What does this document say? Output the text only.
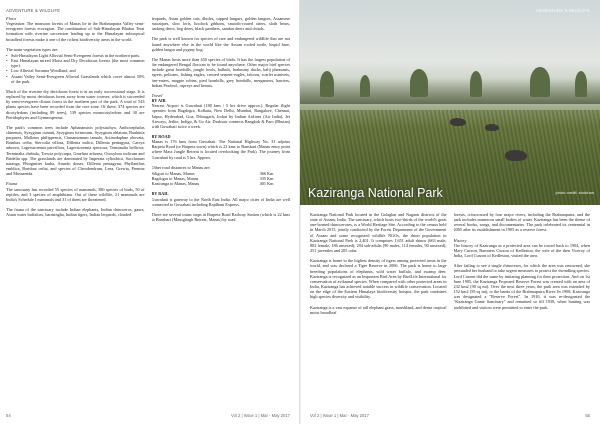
ADVENTURE & WILDLIFE
Flora

Vegetation: The monsoon forests of Manas lie in the Brahmaputra Valley semi-evergreen forests ecoregion. The combination of Sub-Himalayan Bhabar Terai formation with riverine succession leading up to the Himalayan subtropical broadleaf forests make it one of the richest biodiversity areas in the world.

The main vegetation types are:

• Sub-Himalayan Light Alluvial Semi-Evergreen forests in the northern parts.
• East Himalayan mixed Moist and Dry Deciduous forests (the most common type).
• Low Alluvial Savanna Woodland, and
• Assam Valley Semi-Evergreen Alluvial Grasslands which cover almost 50% of the park.

Much of the riverine dry deciduous forest is at an early successional stage. It is replaced by moist deciduous forest away from water courses, which is succeeded by semi-evergreen climax forest in the northern part of the park. A total of 543 plants species have been recorded from the core zone. Of these, 374 species are dicotyledons (including 89 trees), 139 species monocotyledons and 30 are Pteridophytes and Gymnosperms.

The park's common trees include Aphanamixis polystachya, Anthocephalus chinensis, Syzygium cumini, Syzygium formosum, Syzygium oblatum, Bauhinia purpurea, Mallotus philippensis, Cinnamomum tamala, Actinodaphne obovata, Bombax ceiba, Sterculia villosa, Dillenia indica, Dillenia pentagyna, Careya arborea, Lagerstroemia parviflora, Lagerstroemia speciosa, Terminalia bellirica, Terminalia chebula, Trewia polycarpa, Gmelina arborea, Oroxylum indicum and Bridelia spp. The grasslands are dominated by Imperata cylindrica, Saccharum naranga, Phragmites karka, Arundo donax, Dillenia pentagyna, Phyllanthus emblica, Bombax ceiba, and species of Clerodendrum, Leea, Grewia, Premna and Mussaenda.

Fauna

The sanctuary has recorded 55 species of mammals, 380 species of birds, 50 of reptiles, and 3 species of amphibians. Out of these wildlife, 21 mammals are India's Schedule I mammals and 31 of them are threatened.

The fauna of the sanctuary include Indian elephants, Indian rhinoceros, gaurs, Asian water buffaloes, barasingha, Indian tigers, Indian leopards, clouded

leopards, Asian golden cats, dholes, capped langurs, golden langurs, Assamese macaques, slow loris, hoolock gibbons, smooth-coated otters, sloth bears, barking deers, hog deers, black panthers, sambar deers and chitals.

The park is well known for species of rare and endangered wildlife that are not found anywhere else in the world like the Assam roofed turtle, hispid hare, golden langur and pygmy hog.

The Manas hosts more than 450 species of birds. It has the largest population of the endangered Bengal florican to be found anywhere. Other major bird species include great hornbills, jungle fowls, bulbuls, brahminy ducks, kalij pheasants, egrets, pelicans, fishing eagles, crested serpent-eagles, falcons, scarlet minivets, bee-eaters, magpie robins, pied hornbills, grey hornbills, mergansers, harriers, Indian Peafowl, ospreys and herons.

Travel
BY AIR

Nearest Airport is Guwahati (180 kms / 5 hrs drive approx.). Regular flight operates from Bagdogra, Kolkata, New Delhi, Mumbai, Bangalore, Chennai, Jaipur, Hyderabad, Goa, Dibrugarh, Jorhat by Indian Airlines (Air India), Jet Airways, Jetlite, Indigo, & Go Air. Druksair connects Bangkok & Paro (Bhutan) with Guwahati twice a week.

BY ROAD

Manas is 176 kms from Guwahati. The National Highway No. 31 adjoins Barpeta Road (or Barpeta town) which is 22 kms to Bansbari (Manas entry point where Mass Jungle Retreat is located overlooking the Park). The journey from Guwahati by road is 5 hrs. Approx.

Other road distances to Manas are:

Siliguri to Manas, Manas	366 Km
Bagdogra to Manas, Manas	335 Km
Kaziranga to Manas, Manas	401 Km
BY RAIL

Guwahati is gateway to the North East India. All major cities of India are well connected to Guwahati including Rajdhani Express.

There are several trains stops at Barpeta Road Railway Station (which is 22 kms to Bansbari (Mausghagh Retreat, Manas) by road.

54	Vol 2 | Issue 1 | Mar - May 2017
ADVENTURE & WILDLIFE
Kaziranga National Park	photo credit: shubhan

Kaziranga National Park located in the Golaghat and Nagaon districts of the state of Assam, India. The sanctuary, which hosts two-thirds of the world's great one-horned rhinoceroses, is a World Heritage Site. According to the census held in March 2015, jointly conducted by the Forest Department of the Government of Assam and some recognized wildlife NGOs, the rhino population in Kaziranga National Park is 2,401. It comprises 1,651 adult rhinos (663 male, 802 female, 186 unsexed); 294 sub-adults (90 males, 114 females, 90 unsexed); 251 juveniles and 205 cubs.

Kaziranga is home to the highest density of tigers among protected areas in the world, and was declared a Tiger Reserve in 2006. The park is home to large breeding populations of elephants, wild water buffalo, and swamp deer. Kaziranga is recognized as an Important Bird Area by BirdLife International for conservation of avifaunal species. When compared with other protected areas in India, Kaziranga has achieved notable success in wildlife conservation. Located on the edge of the Eastern Himalaya biodiversity hotspot, the park combines high species diversity and visibility.

Kaziranga is a vast expanse of tall elephant grass, marshland, and dense tropical moist broadleaf

forests, crisscrossed by four major rivers, including the Brahmaputra, and the park includes numerous small bodies of water. Kaziranga has been the theme of several books, songs, and documentaries. The park celebrated its centennial in 2005 after its establishment in 1905 as a reserve forest.

History

The history of Kaziranga as a protected area can be traced back to 1904, when Mary Curzon, Baroness Curzon of Kedleston, the wife of the then Viceroy of India, Lord Curzon of Kedleston, visited the area.

After failing to see a single rhinoceros, for which the area was renowned, she persuaded her husband to take urgent measures to protect the dwindling species. Lord Curzon did the same by initiating planning for their protection. And on 1st June 1905, the Kaziranga Proposed Reserve Forest was created with an area of 232 km2 (90 sq mi). Over the next three years, the park area was extended by 152 km2 (59 sq mi), to the banks of the Brahmaputra River. In 1908, Kaziranga was designated a "Reserve Forest". In 1916, it was re-designated the "Kaziranga Game Sanctuary" and remained so till 1938, when hunting was prohibited and visitors were permitted to enter the park.

Vol 2 | Issue 1 | Mar - May 2017	55
